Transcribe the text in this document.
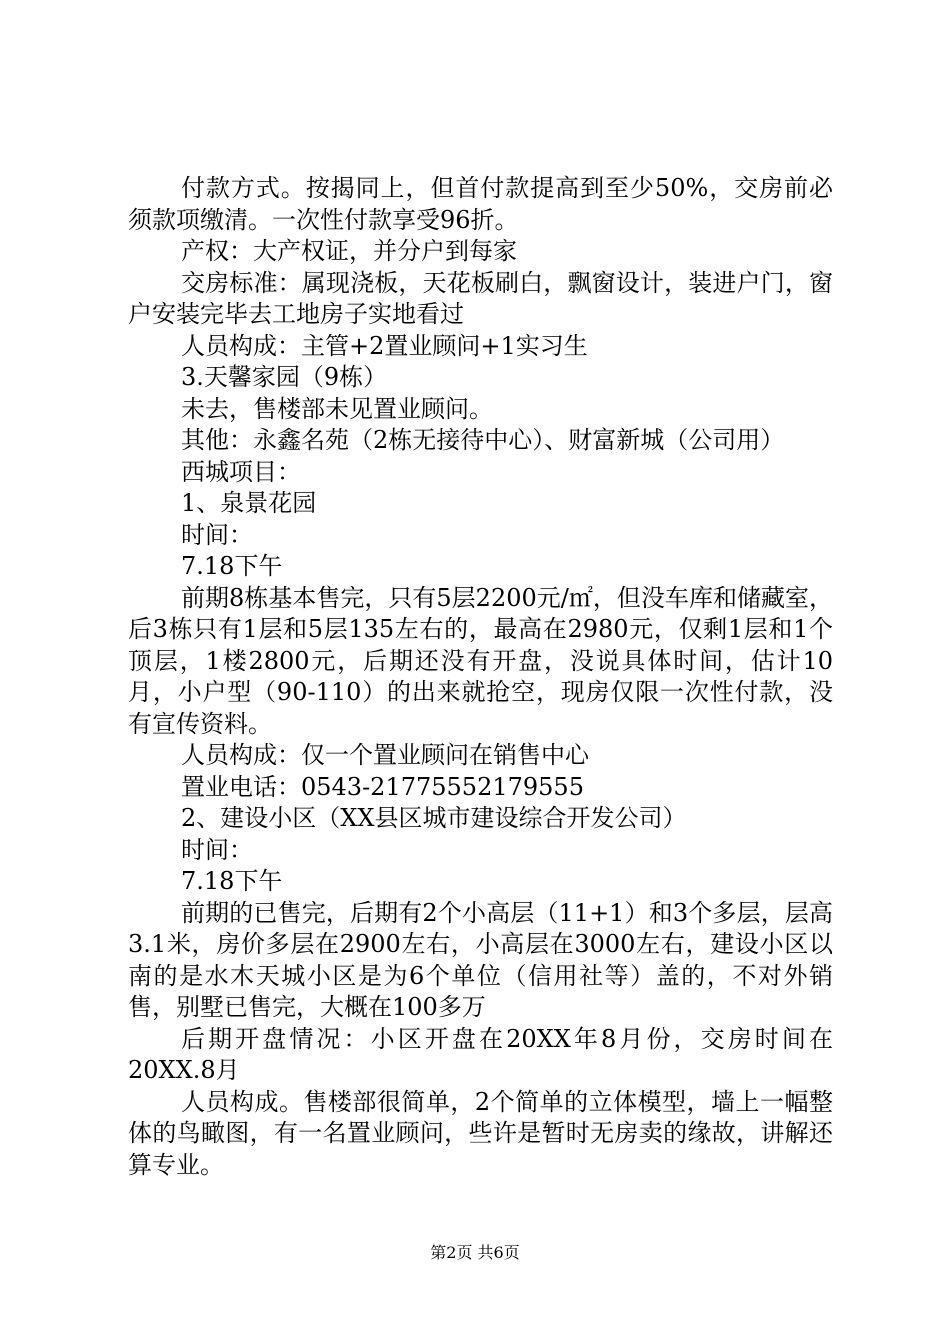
付款方式。按揭同上，但首付款提高到至少50%，交房前必须款项缴清。一次性付款享受96折。

产权：大产权证，并分户到每家

交房标准：属现浇板，天花板刷白，飘窗设计，装进户门，窗户安装完毕去工地房子实地看过

人员构成：主管+2置业顾问+1实习生

3.天馨家园（9栋）

未去，售楼部未见置业顾问。

其他：永鑫名苑（2栋无接待中心）、财富新城（公司用）

西城项目：

1、泉景花园

时间：

7.18下午

前期8栋基本售完，只有5层2200元/㎡，但没车库和储藏室，后3栋只有1层和5层135左右的，最高在2980元，仅剩1层和1个顶层，1楼2800元，后期还没有开盘，没说具体时间，估计10月，小户型（90-110）的出来就抢空，现房仅限一次性付款，没有宣传资料。

人员构成：仅一个置业顾问在销售中心

置业电话：0543-21775552179555

2、建设小区（XX县区城市建设综合开发公司）

时间：

7.18下午

前期的已售完，后期有2个小高层（11+1）和3个多层，层高3.1米，房价多层在2900左右，小高层在3000左右，建设小区以南的是水木天城小区是为6个单位（信用社等）盖的，不对外销售，别墅已售完，大概在100多万

后期开盘情况：小区开盘在20XX年8月份，交房时间在20XX.8月

人员构成。售楼部很简单，2个简单的立体模型，墙上一幅整体的鸟瞰图，有一名置业顾问，些许是暂时无房卖的缘故，讲解还算专业。

第2页 共6页
